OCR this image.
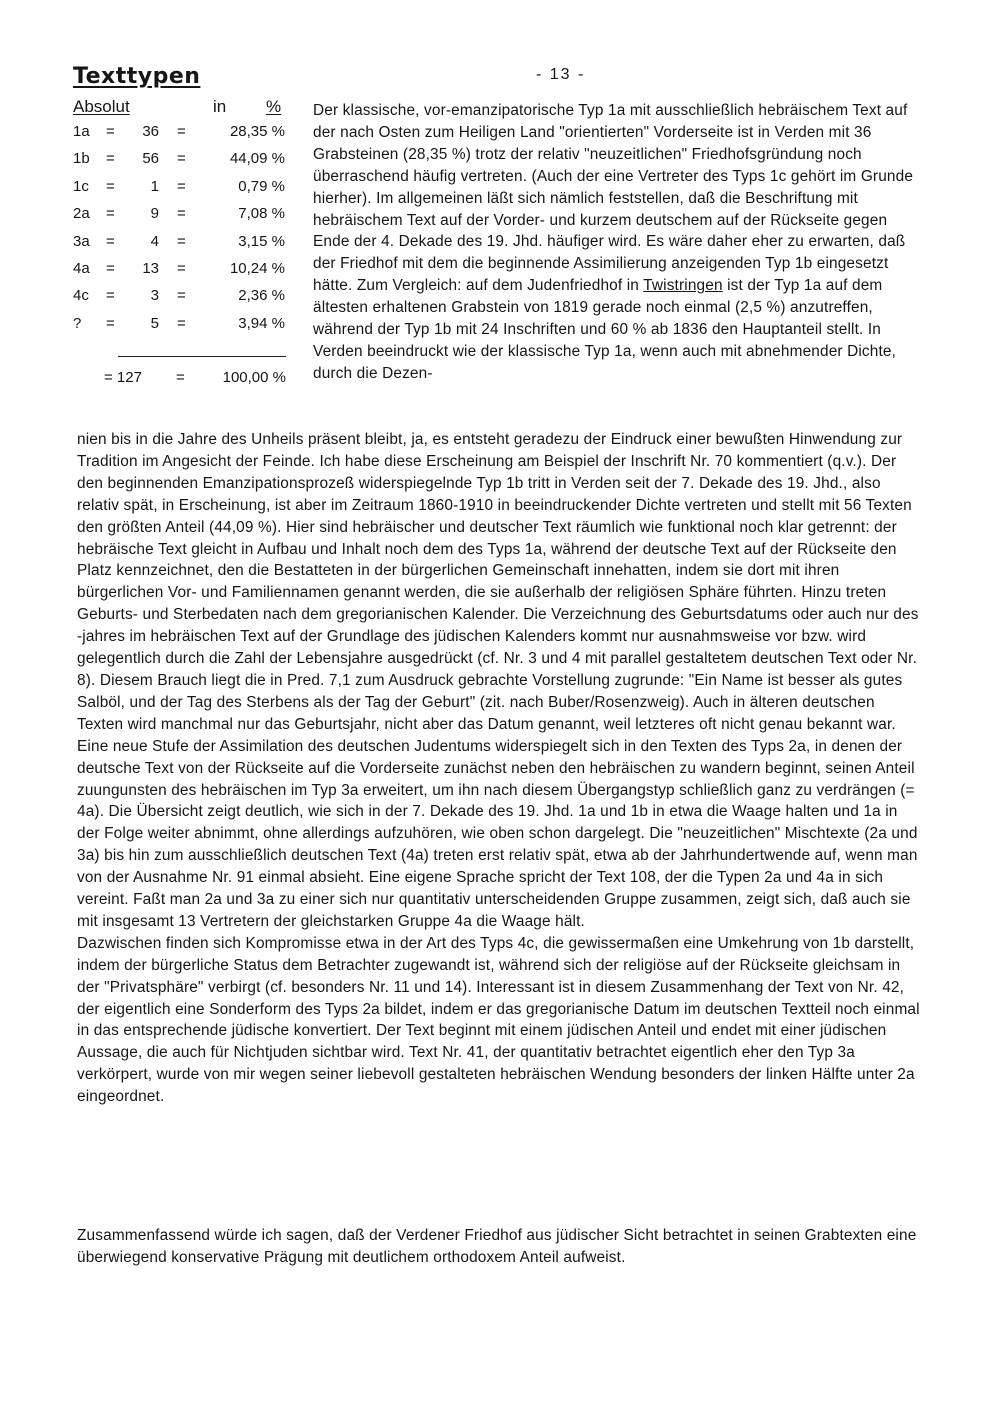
Texttypen	- 13 -
Absolut	in %
1a =	36 =	28,35 %
1b =	56 =	44,09 %
1c =	1 =	0,79 %
2a =	9 =	7,08 %
3a =	4 =	3,15 %
4a =	13 =	10,24 %
4c =	3 =	2,36 %
? =	5 =	3,94 %
= 127 =	100,00 %

Der klassische, vor-emanzipatorische Typ 1a mit ausschließlich hebräischem Text auf der nach Osten zum Heiligen Land "orientierten" Vorderseite ist in Verden mit 36 Grabsteinen (28,35 %) trotz der relativ "neuzeitlichen" Friedhofsgründung noch überraschend häufig vertreten. (Auch der eine Vertreter des Typs 1c gehört im Grunde hierher). Im allgemeinen läßt sich nämlich feststellen, daß die Beschriftung mit hebräischem Text auf der Vorder- und kurzem deutschem auf der Rückseite gegen Ende der 4. Dekade des 19. Jhd. häufiger wird. Es wäre daher eher zu erwarten, daß der Friedhof mit dem die beginnende Assimilierung anzeigenden Typ 1b eingesetzt hätte. Zum Vergleich: auf dem Judenfriedhof in Twistringen ist der Typ 1a auf dem ältesten erhaltenen Grabstein von 1819 gerade noch einmal (2,5 %) anzutreffen, während der Typ 1b mit 24 Inschriften und 60 % ab 1836 den Hauptanteil stellt. In Verden beeindruckt wie der klassische Typ 1a, wenn auch mit abnehmender Dichte, durch die Dezen-

nien bis in die Jahre des Unheils präsent bleibt, ja, es entsteht geradezu der Eindruck einer bewußten Hinwendung zur Tradition im Angesicht der Feinde. Ich habe diese Erscheinung am Beispiel der Inschrift Nr. 70 kommentiert (q.v.). Der den beginnenden Emanzipationsprozeß widerspiegelnde Typ 1b tritt in Verden seit der 7. Dekade des 19. Jhd., also relativ spät, in Erscheinung, ist aber im Zeitraum 1860-1910 in beeindruckender Dichte vertreten und stellt mit 56 Texten den größten Anteil (44,09 %). Hier sind hebräischer und deutscher Text räumlich wie funktional noch klar getrennt: der hebräische Text gleicht in Aufbau und Inhalt noch dem des Typs 1a, während der deutsche Text auf der Rückseite den Platz kennzeichnet, den die Bestatteten in der bürgerlichen Gemeinschaft innehatten, indem sie dort mit ihren bürgerlichen Vor- und Familiennamen genannt werden, die sie außerhalb der religiösen Sphäre führten. Hinzu treten Geburts- und Sterbedaten nach dem gregorianischen Kalender. Die Verzeichnung des Geburtsdatums oder auch nur des -jahres im hebräischen Text auf der Grundlage des jüdischen Kalenders kommt nur ausnahmsweise vor bzw. wird gelegentlich durch die Zahl der Lebensjahre ausgedrückt (cf. Nr. 3 und 4 mit parallel gestaltetem deutschen Text oder Nr. 8). Diesem Brauch liegt die in Pred. 7,1 zum Ausdruck gebrachte Vorstellung zugrunde: "Ein Name ist besser als gutes Salböl, und der Tag des Sterbens als der Tag der Geburt" (zit. nach Buber/Rosenzweig). Auch in älteren deutschen Texten wird manchmal nur das Geburtsjahr, nicht aber das Datum genannt, weil letzteres oft nicht genau bekannt war.

Eine neue Stufe der Assimilation des deutschen Judentums widerspiegelt sich in den Texten des Typs 2a, in denen der deutsche Text von der Rückseite auf die Vorderseite zunächst neben den hebräischen zu wandern beginnt, seinen Anteil zuungunsten des hebräischen im Typ 3a erweitert, um ihn nach diesem Übergangstyp schließlich ganz zu verdrängen (= 4a). Die Übersicht zeigt deutlich, wie sich in der 7. Dekade des 19. Jhd. 1a und 1b in etwa die Waage halten und 1a in der Folge weiter abnimmt, ohne allerdings aufzuhören, wie oben schon dargelegt. Die "neuzeitlichen" Mischtexte (2a und 3a) bis hin zum ausschließlich deutschen Text (4a) treten erst relativ spät, etwa ab der Jahrhundertwende auf, wenn man von der Ausnahme Nr. 91 einmal absieht. Eine eigene Sprache spricht der Text 108, der die Typen 2a und 4a in sich vereint. Faßt man 2a und 3a zu einer sich nur quantitativ unterscheidenden Gruppe zusammen, zeigt sich, daß auch sie mit insgesamt 13 Vertretern der gleichstarken Gruppe 4a die Waage hält.

Dazwischen finden sich Kompromisse etwa in der Art des Typs 4c, die gewissermaßen eine Umkehrung von 1b darstellt, indem der bürgerliche Status dem Betrachter zugewandt ist, während sich der religiöse auf der Rückseite gleichsam in der "Privatsphäre" verbirgt (cf. besonders Nr. 11 und 14). Interessant ist in diesem Zusammenhang der Text von Nr. 42, der eigentlich eine Sonderform des Typs 2a bildet, indem er das gregorianische Datum im deutschen Textteil noch einmal in das entsprechende jüdische konvertiert. Der Text beginnt mit einem jüdischen Anteil und endet mit einer jüdischen Aussage, die auch für Nichtjuden sichtbar wird. Text Nr. 41, der quantitativ betrachtet eigentlich eher den Typ 3a verkörpert, wurde von mir wegen seiner liebevoll gestalteten hebräischen Wendung besonders der linken Hälfte unter 2a eingeordnet.

Zusammenfassend würde ich sagen, daß der Verdener Friedhof aus jüdischer Sicht betrachtet in seinen Grabtexten eine überwiegend konservative Prägung mit deutlichem orthodoxem Anteil aufweist.
